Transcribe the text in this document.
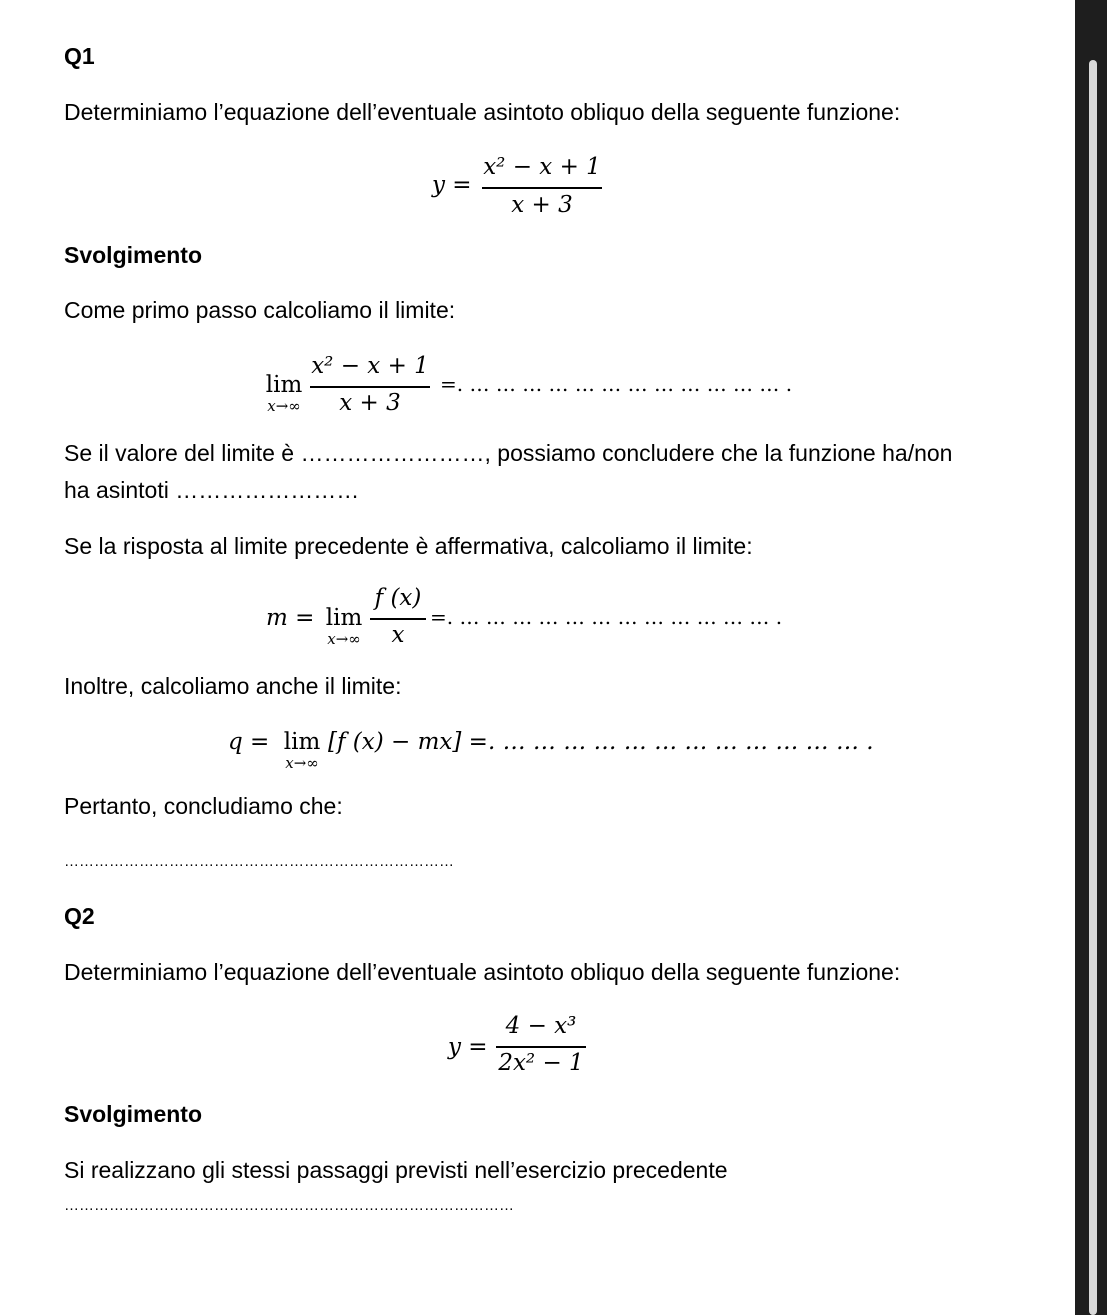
Q1
Determiniamo l’equazione dell’eventuale asintoto obliquo della seguente funzione:
y =
x² − x + 1
x + 3
Svolgimento
Come primo passo calcoliamo il limite:
lim
x→∞
x² − x + 1
x + 3
=. … … … … … … … … … … … … .
Se il valore del limite è ……………………, possiamo concludere che la funzione ha/non
ha asintoti ……………………
Se la risposta al limite precedente è affermativa, calcoliamo il limite:
m = lim
x→∞
f (x)
x
=. … … … … … … … … … … … … .
Inoltre, calcoliamo anche il limite:
q = lim
x→∞
[f (x) − mx] =. … … … … … … … … … … … … .
Pertanto, concludiamo che:
……………………………………………………………………
Q2
Determiniamo l’equazione dell’eventuale asintoto obliquo della seguente funzione:
y =
4 − x³
2x² − 1
Svolgimento
Si realizzano gli stessi passaggi previsti nell’esercizio precedente
………………………………………………………………………………
